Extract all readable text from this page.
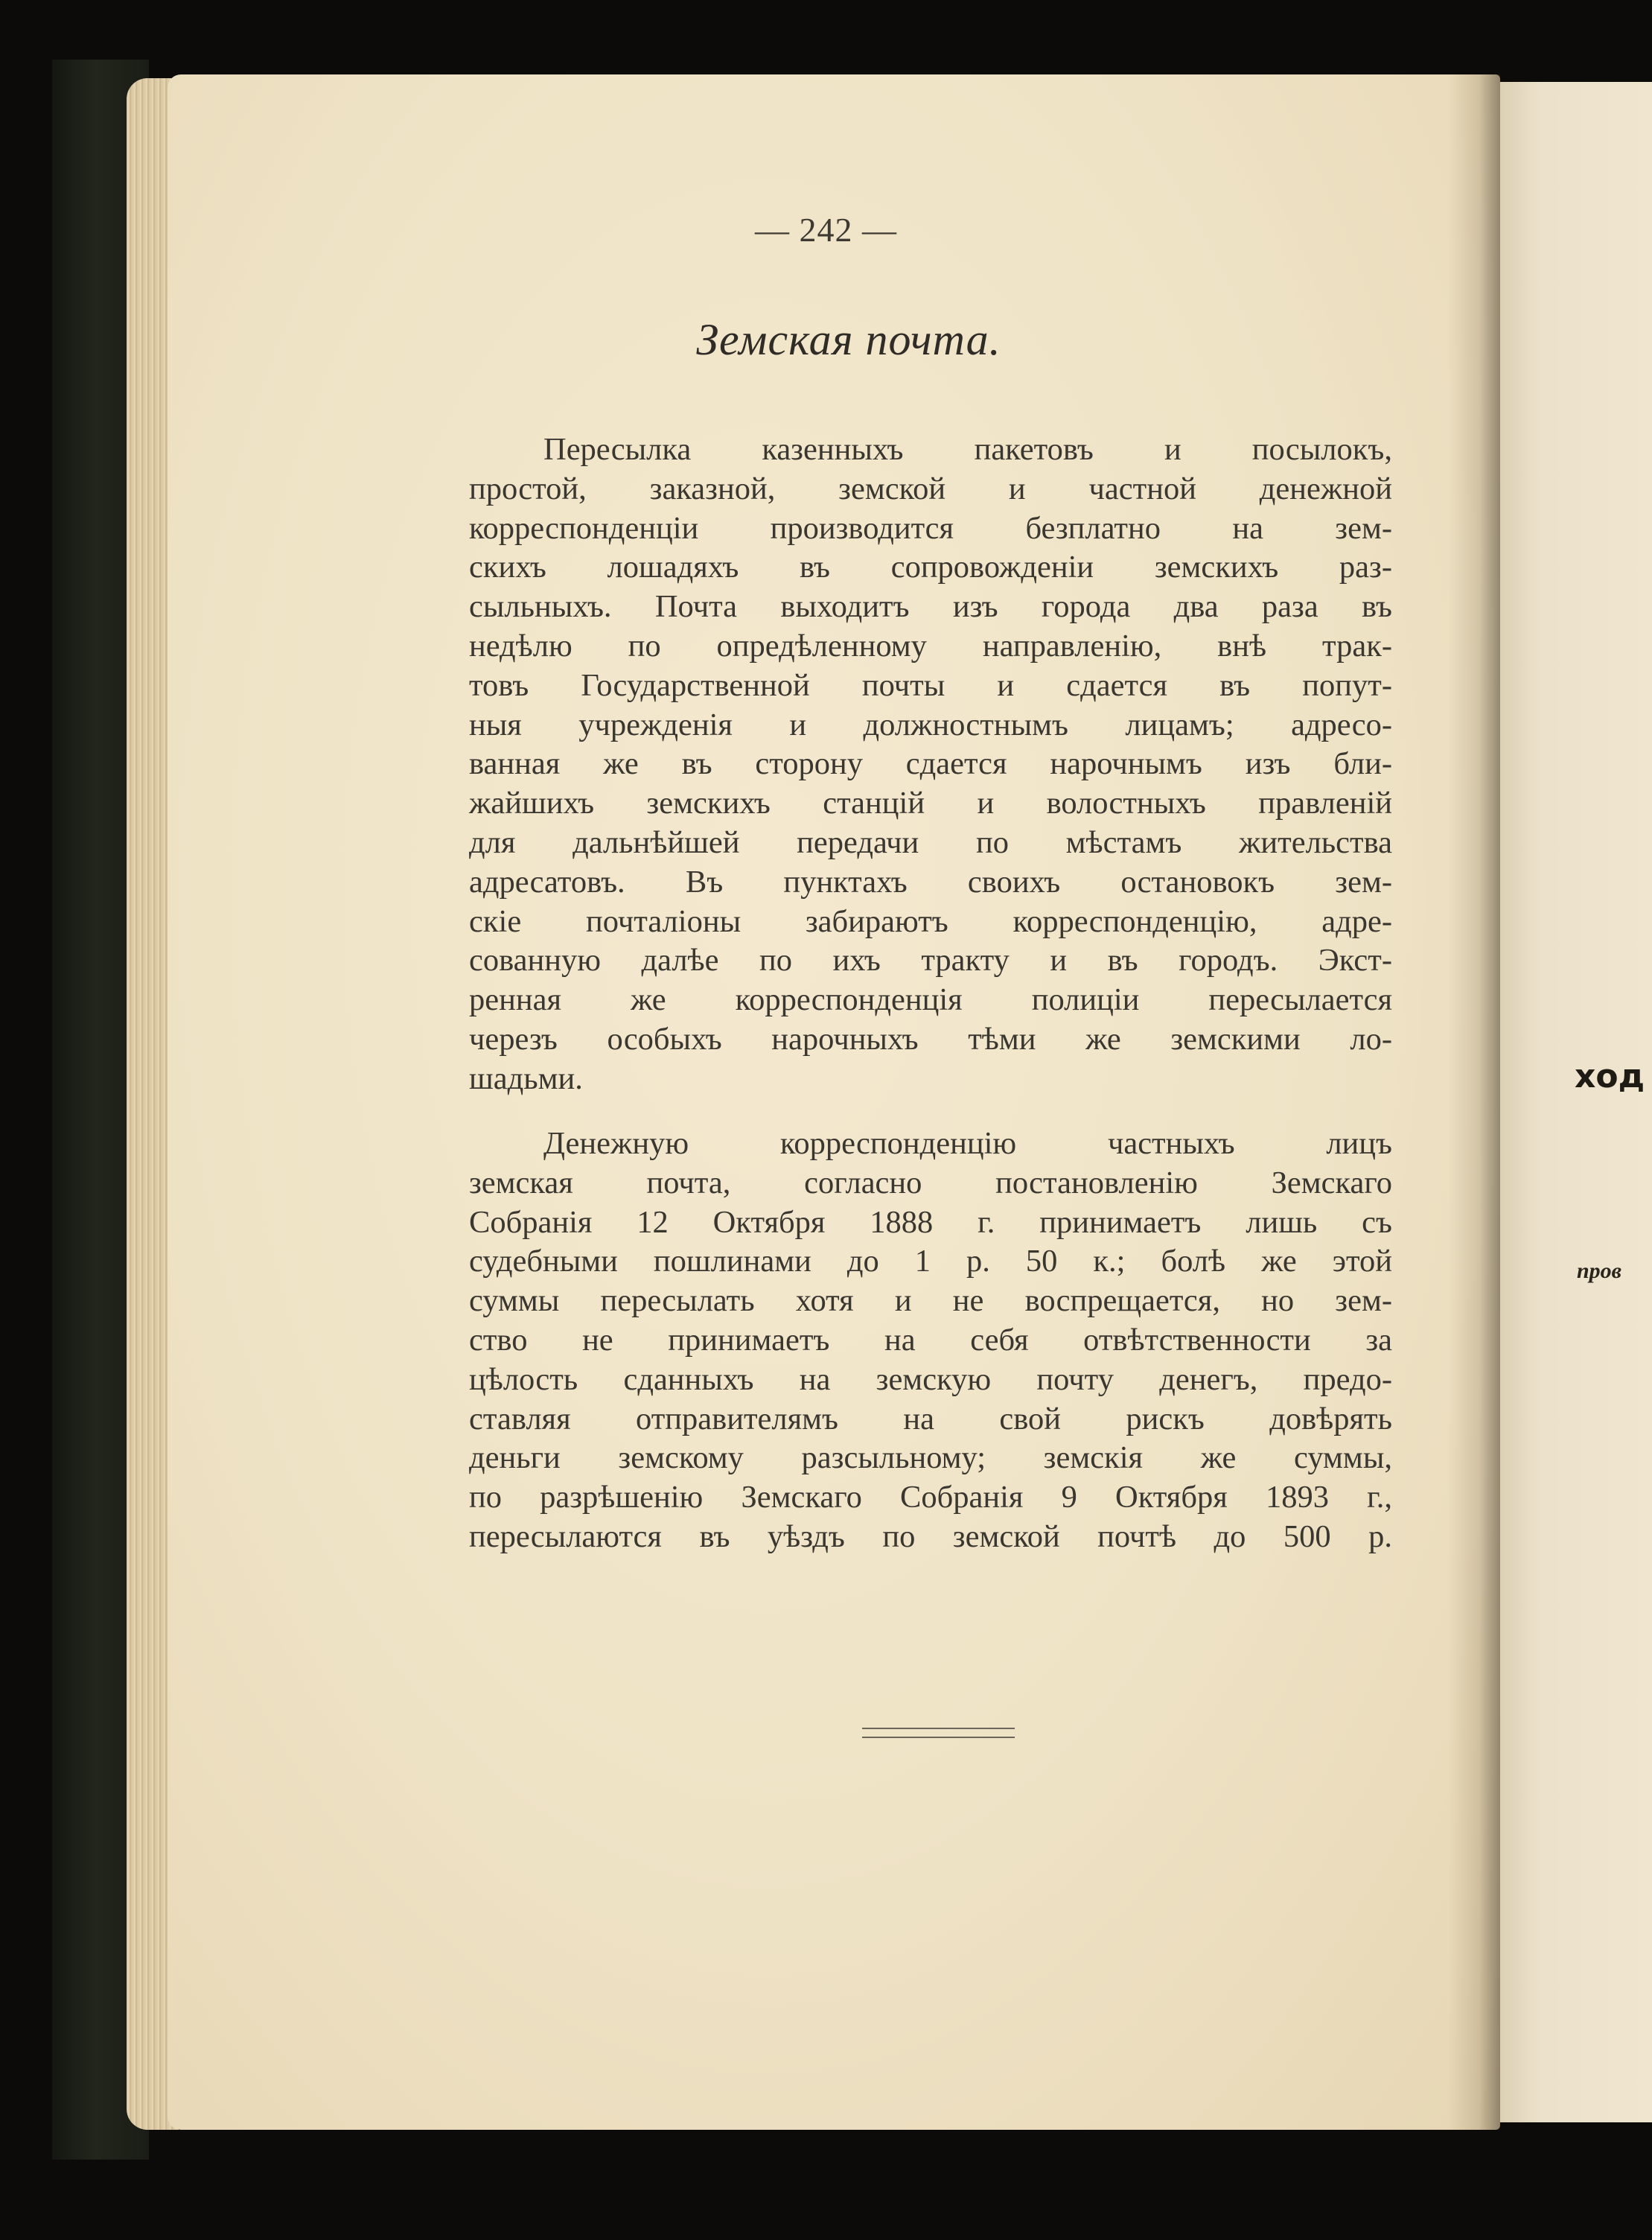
ход
пров
— 242 —
Земская почта.
Пересылка казенныхъ пакетовъ и посылокъ,
простой, заказной, земской и частной денежной
корреспонденціи производится безплатно на зем-
скихъ лошадяхъ въ сопровожденіи земскихъ раз-
сыльныхъ. Почта выходитъ изъ города два раза въ
недѣлю по опредѣленному направленію, внѣ трак-
товъ Государственной почты и сдается въ попут-
ныя учрежденія и должностнымъ лицамъ; адресо-
ванная же въ сторону сдается нарочнымъ изъ бли-
жайшихъ земскихъ станцій и волостныхъ правленій
для дальнѣйшей передачи по мѣстамъ жительства
адресатовъ. Въ пунктахъ своихъ остановокъ зем-
скіе почталіоны забираютъ корреспонденцію, адре-
сованную далѣе по ихъ тракту и въ городъ. Экст-
ренная же корреспонденція полиціи пересылается
черезъ особыхъ нарочныхъ тѣми же земскими ло-
шадьми.
Денежную корреспонденцію частныхъ лицъ
земская почта, согласно постановленію Земскаго
Собранія 12 Октября 1888 г. принимаетъ лишь съ
судебными пошлинами до 1 р. 50 к.; болѣ же этой
суммы пересылать хотя и не воспрещается, но зем-
ство не принимаетъ на себя отвѣтственности за
цѣлость сданныхъ на земскую почту денегъ, предо-
ставляя отправителямъ на свой рискъ довѣрять
деньги земскому разсыльному; земскія же суммы,
по разрѣшенію Земскаго Собранія 9 Октября 1893 г.,
пересылаются въ уѣздъ по земской почтѣ до 500 р.
